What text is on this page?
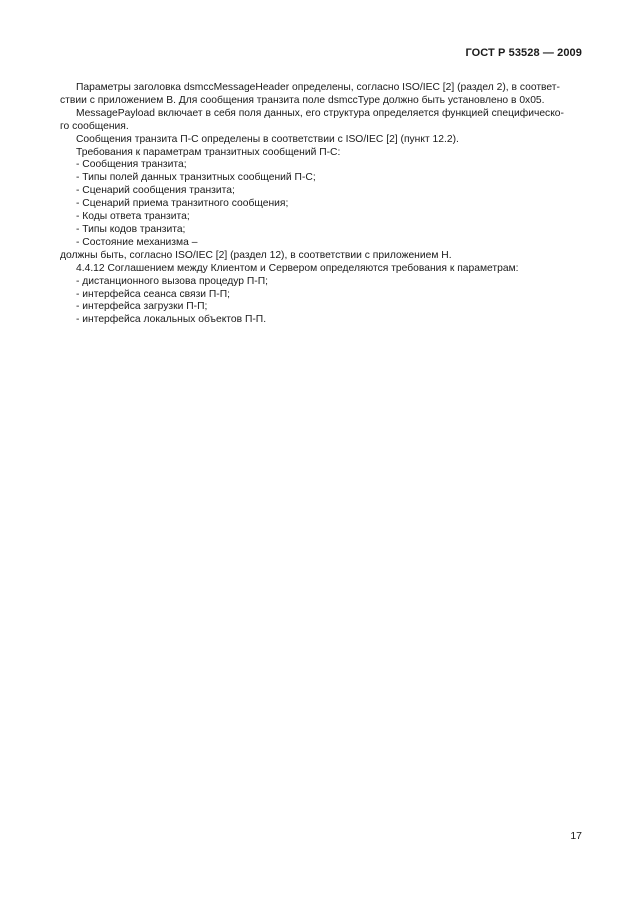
ГОСТ Р 53528 — 2009

Параметры заголовка dsmccMessageHeader определены, согласно ISO/IEC [2] (раздел 2), в соответ-

ствии с приложением В. Для сообщения транзита поле dsmccType должно быть установлено в 0x05.

MessagePayload включает в себя поля данных, его структура определяется функцией специфическо-

го сообщения.

Сообщения транзита П-С определены в соответствии с ISO/IEC [2] (пункт 12.2).

Требования к параметрам транзитных сообщений П-С:

- Сообщения транзита;

- Типы полей данных транзитных сообщений П-С;

- Сценарий сообщения транзита;

- Сценарий приема транзитного сообщения;

- Коды ответа транзита;

- Типы кодов транзита;

- Состояние механизма –

должны быть, согласно ISO/IEC [2] (раздел 12), в соответствии с приложением Н.

4.4.12 Соглашением между Клиентом и Сервером определяются требования к параметрам:

- дистанционного вызова процедур П-П;

- интерфейса сеанса связи П-П;

- интерфейса загрузки П-П;

- интерфейса локальных объектов П-П.

17
